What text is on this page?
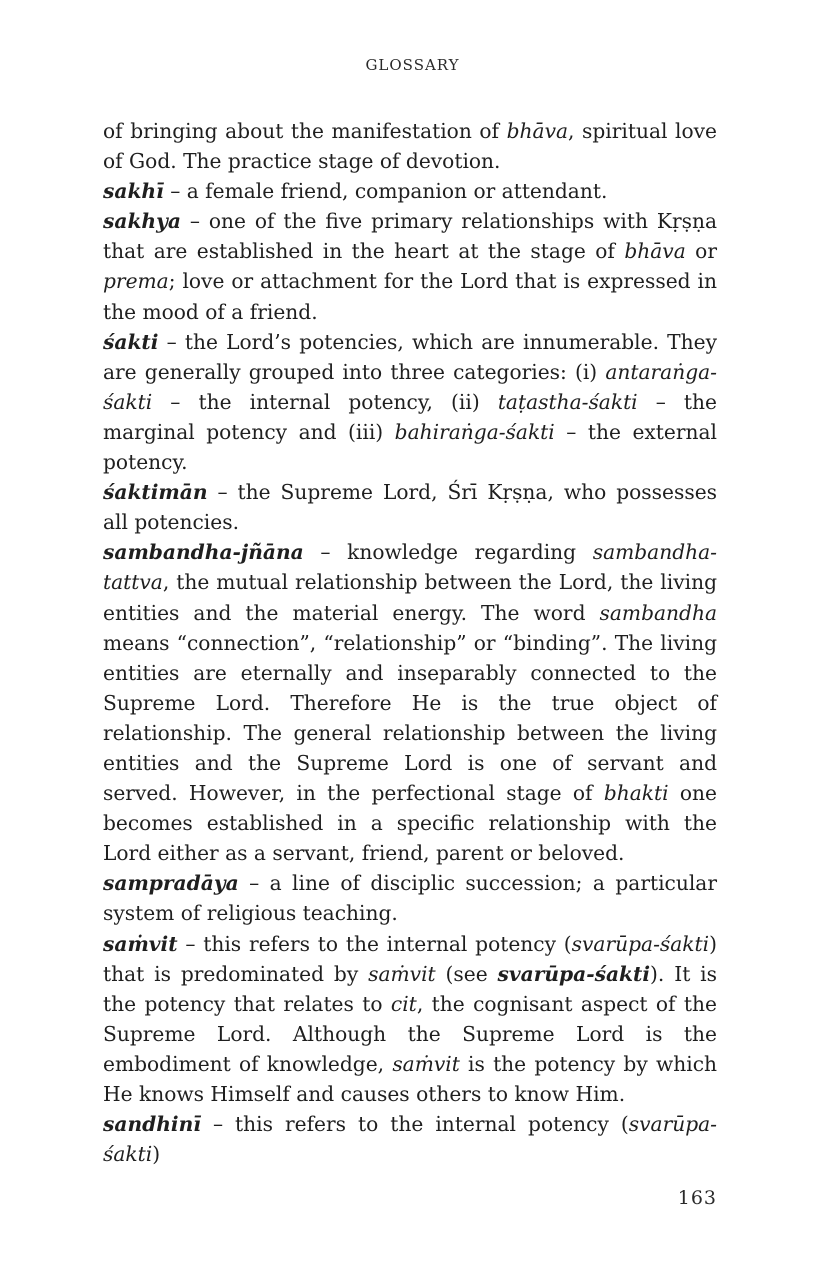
GLOSSARY

of bringing about the manifestation of bhāva, spiritual love of God. The practice stage of devotion.

sakhī – a female friend, companion or attendant.

sakhya – one of the five primary relationships with Kṛṣṇa that are established in the heart at the stage of bhāva or prema; love or attachment for the Lord that is expressed in the mood of a friend.

śakti – the Lord’s potencies, which are innumerable. They are generally grouped into three categories: (i) antaraṅga-śakti – the internal potency, (ii) taṭastha-śakti – the marginal potency and (iii) bahiraṅga-śakti – the external potency.

śaktimān – the Supreme Lord, Śrī Kṛṣṇa, who possesses all potencies.

sambandha-jñāna – knowledge regarding sambandha-tattva, the mutual relationship between the Lord, the living entities and the material energy. The word sambandha means “connection”, “relationship” or “binding”. The living entities are eternally and inseparably connected to the Supreme Lord. Therefore He is the true object of relationship. The general relationship between the living entities and the Supreme Lord is one of servant and served. However, in the perfectional stage of bhakti one becomes established in a specific relationship with the Lord either as a servant, friend, parent or beloved.

sampradāya – a line of disciplic succession; a particular system of religious teaching.

saṁvit – this refers to the internal potency (svarūpa-śakti) that is predominated by saṁvit (see svarūpa-śakti). It is the potency that relates to cit, the cognisant aspect of the Supreme Lord. Although the Supreme Lord is the embodiment of knowledge, saṁvit is the potency by which He knows Himself and causes others to know Him.

sandhinī – this refers to the internal potency (svarūpa-śakti)

163
